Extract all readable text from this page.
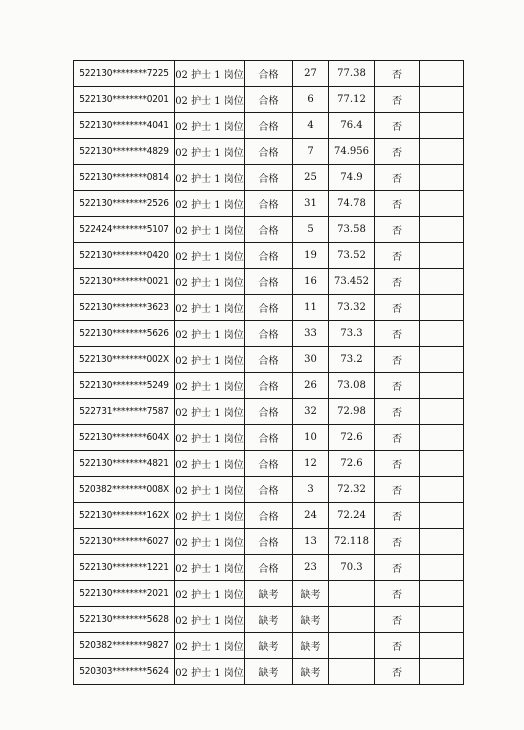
522130********7225	02 护士 1 岗位	合格	27	77.38	否	
522130********0201	02 护士 1 岗位	合格	6	77.12	否	
522130********4041	02 护士 1 岗位	合格	4	76.4	否	
522130********4829	02 护士 1 岗位	合格	7	74.956	否	
522130********0814	02 护士 1 岗位	合格	25	74.9	否	
522130********2526	02 护士 1 岗位	合格	31	74.78	否	
522424********5107	02 护士 1 岗位	合格	5	73.58	否	
522130********0420	02 护士 1 岗位	合格	19	73.52	否	
522130********0021	02 护士 1 岗位	合格	16	73.452	否	
522130********3623	02 护士 1 岗位	合格	11	73.32	否	
522130********5626	02 护士 1 岗位	合格	33	73.3	否	
522130********002X	02 护士 1 岗位	合格	30	73.2	否	
522130********5249	02 护士 1 岗位	合格	26	73.08	否	
522731********7587	02 护士 1 岗位	合格	32	72.98	否	
522130********604X	02 护士 1 岗位	合格	10	72.6	否	
522130********4821	02 护士 1 岗位	合格	12	72.6	否	
520382********008X	02 护士 1 岗位	合格	3	72.32	否	
522130********162X	02 护士 1 岗位	合格	24	72.24	否	
522130********6027	02 护士 1 岗位	合格	13	72.118	否	
522130********1221	02 护士 1 岗位	合格	23	70.3	否	
522130********2021	02 护士 1 岗位	缺考	缺考		否	
522130********5628	02 护士 1 岗位	缺考	缺考		否	
520382********9827	02 护士 1 岗位	缺考	缺考		否	
520303********5624	02 护士 1 岗位	缺考	缺考		否	
